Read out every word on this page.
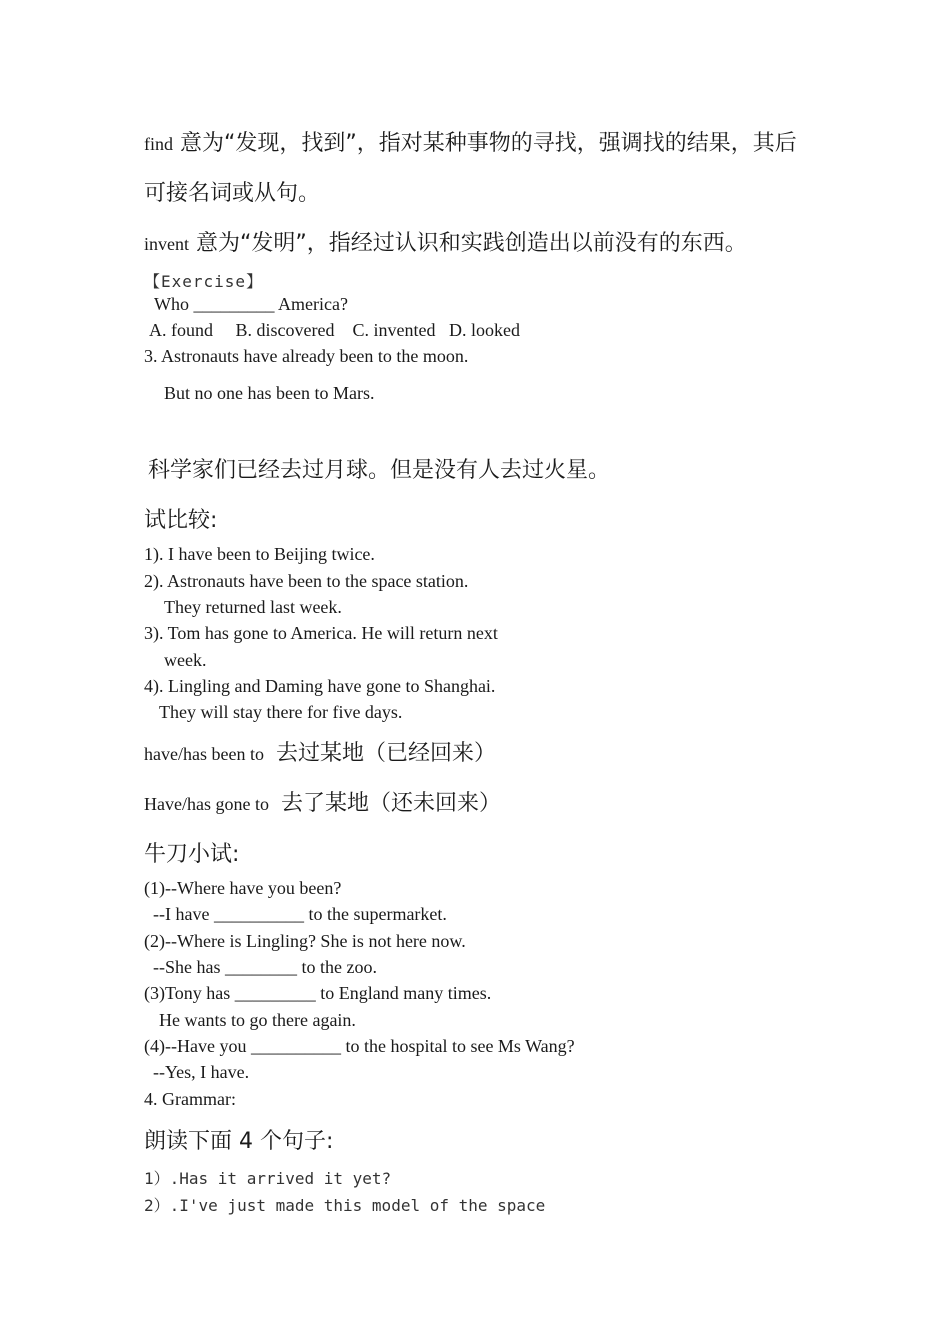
find 意为“发现，找到”，指对某种事物的寻找，强调找的结果，其后
可接名词或从句。
invent 意为“发明”，指经过认识和实践创造出以前没有的东西。
【Exercise】
Who _________ America?
A. found     B. discovered    C. invented   D. looked
3. Astronauts have already been to the moon.
But no one has been to Mars.
科学家们已经去过月球。但是没有人去过火星。
试比较:
1). I have been to Beijing twice.
2). Astronauts have been to the space station.
They returned last week.
3). Tom has gone to America. He will return next
week.
4). Lingling and Daming have gone to Shanghai.
They will stay there for five days.
have/has been to 去过某地（已经回来）
Have/has gone to 去了某地（还未回来）
牛刀小试:
(1)--Where have you been?
--I have __________ to the supermarket.
(2)--Where is Lingling? She is not here now.
--She has ________ to the zoo.
(3)Tony has _________ to England many times.
He wants to go there again.
(4)--Have you __________ to the hospital to see Ms Wang?
--Yes, I have.
4. Grammar:
朗读下面 4 个句子:
1）.Has it arrived it yet?
2）.I've just made this model of the space
